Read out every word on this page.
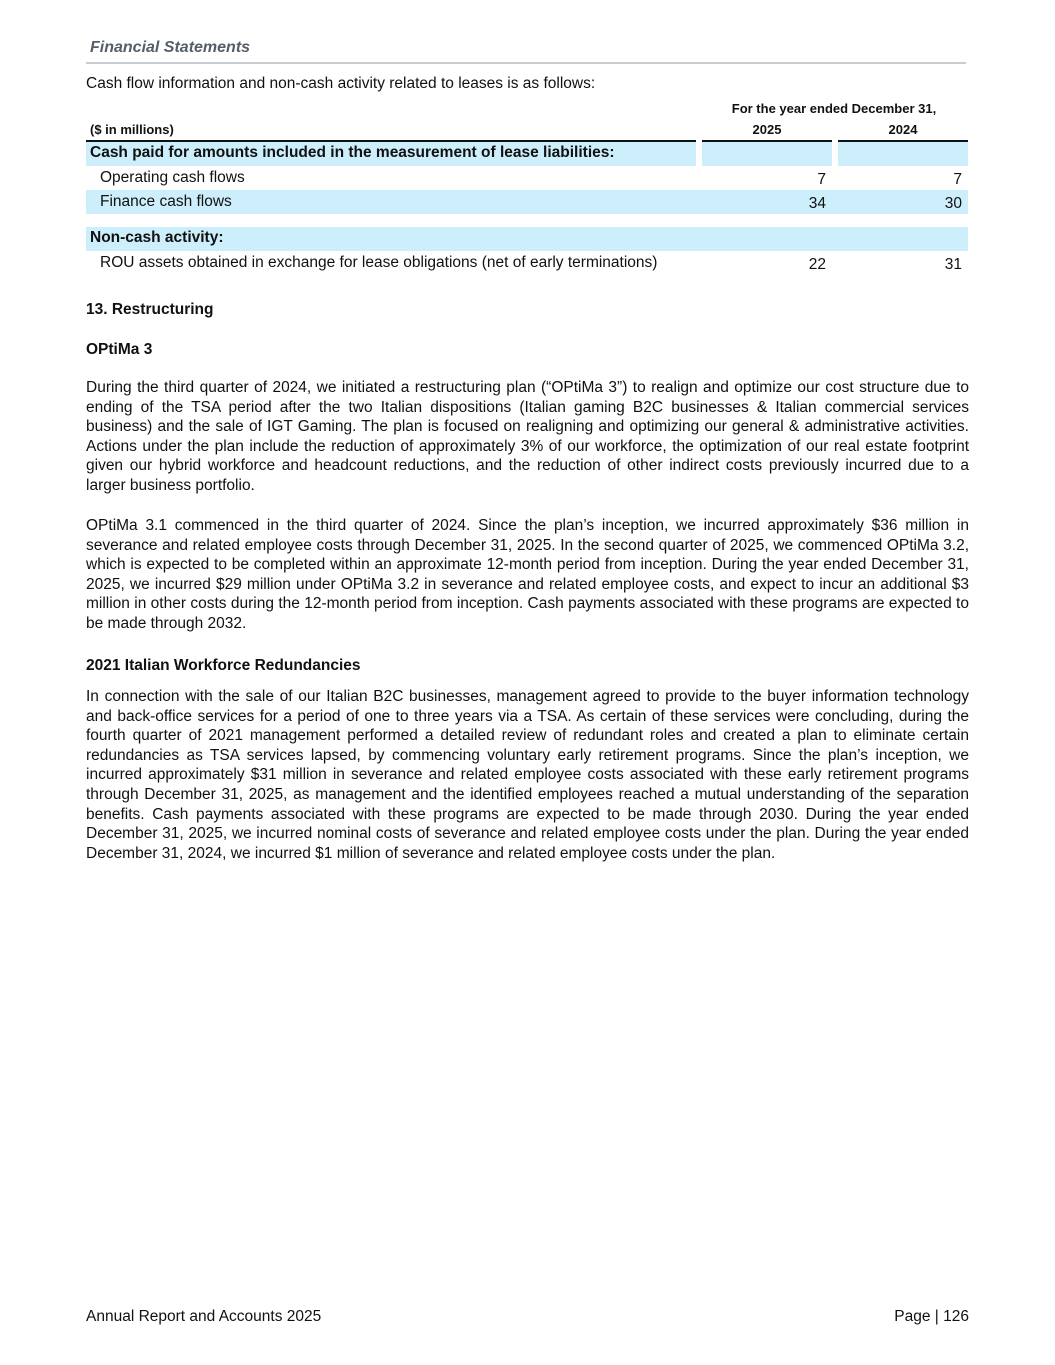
Financial Statements
Cash flow information and non-cash activity related to leases is as follows:
For the year ended December 31,
($ in millions)	2025	2024
Cash paid for amounts included in the measurement of lease liabilities:
Operating cash flows	7	7
Finance cash flows	34	30
Non-cash activity:
ROU assets obtained in exchange for lease obligations (net of early terminations)	22	31
13. Restructuring
OPtiMa 3

During the third quarter of 2024, we initiated a restructuring plan (“OPtiMa 3”) to realign and optimize our cost structure due to ending of the TSA period after the two Italian dispositions (Italian gaming B2C businesses & Italian commercial services business) and the sale of IGT Gaming. The plan is focused on realigning and optimizing our general & administrative activities. Actions under the plan include the reduction of approximately 3% of our workforce, the optimization of our real estate footprint given our hybrid workforce and headcount reductions, and the reduction of other indirect costs previously incurred due to a larger business portfolio.

OPtiMa 3.1 commenced in the third quarter of 2024. Since the plan’s inception, we incurred approximately $36 million in severance and related employee costs through December 31, 2025. In the second quarter of 2025, we commenced OPtiMa 3.2, which is expected to be completed within an approximate 12-month period from inception. During the year ended December 31, 2025, we incurred $29 million under OPtiMa 3.2 in severance and related employee costs, and expect to incur an additional $3 million in other costs during the 12-month period from inception. Cash payments associated with these programs are expected to be made through 2032.

2021 Italian Workforce Redundancies

In connection with the sale of our Italian B2C businesses, management agreed to provide to the buyer information technology and back-office services for a period of one to three years via a TSA. As certain of these services were concluding, during the fourth quarter of 2021 management performed a detailed review of redundant roles and created a plan to eliminate certain redundancies as TSA services lapsed, by commencing voluntary early retirement programs. Since the plan’s inception, we incurred approximately $31 million in severance and related employee costs associated with these early retirement programs through December 31, 2025, as management and the identified employees reached a mutual understanding of the separation benefits. Cash payments associated with these programs are expected to be made through 2030. During the year ended December 31, 2025, we incurred nominal costs of severance and related employee costs under the plan. During the year ended December 31, 2024, we incurred $1 million of severance and related employee costs under the plan.

Annual Report and Accounts 2025	Page | 126
